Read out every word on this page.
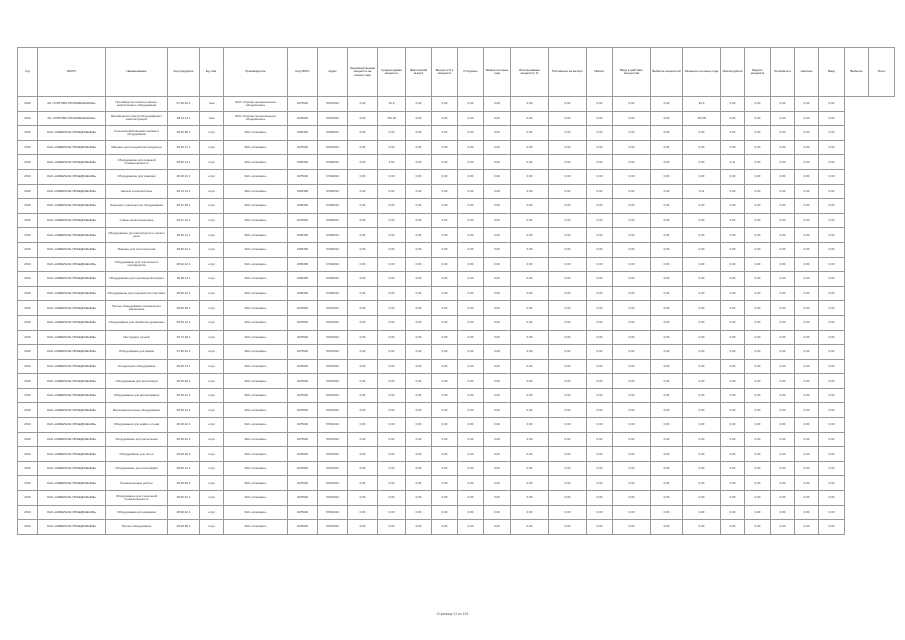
Год	ОКОГУ	Наименование	Код продукции	Ед. изм.	Производитель	Код ОКПО	Адрес	Производственная мощность на начало года	Среднегодовая мощность	Фактический выпуск	Выпуск в % к мощности	Отгружено	Запасы на конец года	Использование мощности, %	Поставлено на экспорт	Импорт	Ввод в действие мощностей	Выбытие мощностей	Мощность на конец года	Реконструкция	Прирост мощности	Потребность	Наличие	Ввод	Выбытие	Итого
2016	АО «ТОРГОВО-ПРОМЫШЛЕННОЕ»	Производство тяжелых машин, нефтегазового оборудования	07.29.02.1	тонн	ОАО «Торгово-промышленное объединение»	3475020	57001021	0,00	12,9	0,00	0,00	0,00	0,00	0,00	0,00	0,00	0,00	0,00	29,9	0,00	0,00	0,00	0,00	0,00		
2016	АО «ТОРГОВО-ПРОМЫШЛЕННОЕ»	Производство электрооборудования и комплектующих	28.91.11.1	тонн	ОАО «Торгово-промышленное объединение»	3475020	57001021	0,00	476,09	0,00	0,00	0,00	0,00	0,00	0,00	0,00	0,00	0,00	476,05	0,00	0,00	0,00	0,00	0,00		
2016	ОАО «СЕВЕРНОЕ ОБЪЕДИНЕНИЕ»	Сельскохозяйственная техника и оборудование	28.30.86.1	штук	ЗАО «Агромаш»	3465450	67300021	0,00	0,00	0,00	0,00	0,00	0,00	0,00	0,00	0,00	0,00	0,00	0,00	0,00	0,00	0,00	0,00	0,00		
2016	ОАО «СЕВЕРНОЕ ОБЪЕДИНЕНИЕ»	Машины для переработки продукции	28.93.17.1	штук	ЗАО «Агромаш»	3475020	57001021	0,00	0,00	0,00	0,00	0,00	0,00	0,00	0,00	0,00	0,00	0,00	0,00	0,00	0,00	0,00	0,00	0,00		
2016	ОАО «СЕВЕРНОЕ ОБЪЕДИНЕНИЕ»	Оборудование для пищевой промышленности	28.93.13.1	штук	ЗАО «Агромаш»	3465450	67300021	0,00	4,52	0,00	0,00	0,00	0,00	0,00	0,00	0,00	0,00	0,00	0,00	0,11	0,00	0,00	0,00	0,00		
2016	ОАО «СЕВЕРНОЕ ОБЪЕДИНЕНИЕ»	Оборудование для упаковки	28.29.21.1	штук	ЗАО «Агромаш»	3475020	67300021	0,00	0,00	0,00	0,00	0,00	0,00	0,00	0,00	0,00	0,00	0,00	0,00	0,00	0,00	0,00	0,00	0,00		
2016	ОАО «СЕВЕРНОЕ ОБЪЕДИНЕНИЕ»	Насосы и компрессоры	28.13.14.1	штук	ЗАО «Агромаш»	3465450	67300021	0,00	0,00	0,00	0,00	0,00	0,00	0,00	0,00	0,00	0,00	0,00	0,11	0,00	0,00	0,00	0,00	0,00		
2016	ОАО «СЕВЕРНОЕ ОБЪЕДИНЕНИЕ»	Подъемно-транспортное оборудование	28.22.18.1	штук	ЗАО «Агромаш»	3465450	67300021	0,00	0,00	0,00	0,00	0,00	0,00	0,00	0,00	0,00	0,00	0,00	0,00	0,00	0,00	0,00	0,00	0,00		
2016	ОАО «СЕВЕРНОЕ ОБЪЕДИНЕНИЕ»	Станки металлорежущие	28.41.22.1	штук	ЗАО «Агромаш»	3475020	67300021	0,00	0,00	0,00	0,00	0,00	0,00	0,00	0,00	0,00	0,00	0,00	0,00	0,00	0,00	0,00	0,00	0,00		
2016	ОАО «СЕВЕРНОЕ ОБЪЕДИНЕНИЕ»	Оборудование для металлургии и горного дела	28.92.11.1	штук	ЗАО «Агромаш»	3465450	67300021	0,00	0,00	0,00	0,00	0,00	0,00	0,00	0,00	0,00	0,00	0,00	0,00	0,00	0,00	0,00	0,00	0,00		
2016	ОАО «СЕВЕРНОЕ ОБЪЕДИНЕНИЕ»	Машины для строительства	28.92.21.1	штук	ЗАО «Агромаш»	3465450	67300021	0,00	0,00	0,00	0,00	0,00	0,00	0,00	0,00	0,00	0,00	0,00	0,00	0,00	0,00	0,00	0,00	0,00		
2016	ОАО «СЕВЕРНОЕ ОБЪЕДИНЕНИЕ»	Оборудование для текстильного производства	28.94.12.1	штук	ЗАО «Агромаш»	3465450	67300021	0,00	0,00	0,00	0,00	0,00	0,00	0,00	0,00	0,00	0,00	0,00	0,00	0,00	0,00	0,00	0,00	0,00		
2016	ОАО «СЕВЕРНОЕ ОБЪЕДИНЕНИЕ»	Оборудование для производства бумаги	28.95.11.1	штук	ЗАО «Агромаш»	3465450	67300021	0,00	0,00	0,00	0,00	0,00	0,00	0,00	0,00	0,00	0,00	0,00	0,00	0,00	0,00	0,00	0,00	0,00		
2016	ОАО «СЕВЕРНОЕ ОБЪЕДИНЕНИЕ»	Оборудование для переработки пластмасс	28.96.10.1	штук	ЗАО «Агромаш»	3465450	67300021	0,00	0,00	0,00	0,00	0,00	0,00	0,00	0,00	0,00	0,00	0,00	0,00	0,00	0,00	0,00	0,00	0,00		
2016	ОАО «СЕВЕРНОЕ ОБЪЕДИНЕНИЕ»	Прочее оборудование специального назначения	28.99.39.1	штук	ЗАО «Агромаш»	3475020	57001021	0,00	0,00	0,00	0,00	0,00	0,00	0,00	0,00	0,00	0,00	0,00	0,00	0,00	0,00	0,00	0,00	0,00		
2016	ОАО «СЕВЕРНОЕ ОБЪЕДИНЕНИЕ»	Оборудование для обработки древесины	28.49.12.1	штук	ЗАО «Агромаш»	3475020	57001021	0,00	0,00	0,00	0,00	0,00	0,00	0,00	0,00	0,00	0,00	0,00	0,00	0,00	0,00	0,00	0,00	0,00		
2016	ОАО «СЕВЕРНОЕ ОБЪЕДИНЕНИЕ»	Инструмент ручной	25.73.30.1	штук	ЗАО «Агромаш»	3475020	57001021	0,00	0,00	0,00	0,00	0,00	0,00	0,00	0,00	0,00	0,00	0,00	0,00	0,00	0,00	0,00	0,00	0,00		
2016	ОАО «СЕВЕРНОЕ ОБЪЕДИНЕНИЕ»	Оборудование для сварки	27.90.31.1	штук	ЗАО «Агромаш»	3475020	57001021	0,00	0,00	0,00	0,00	0,00	0,00	0,00	0,00	0,00	0,00	0,00	0,00	0,00	0,00	0,00	0,00	0,00		
2016	ОАО «СЕВЕРНОЕ ОБЪЕДИНЕНИЕ»	Холодильное оборудование	28.25.13.1	штук	ЗАО «Агромаш»	3475020	57001021	0,00	0,00	0,00	0,00	0,00	0,00	0,00	0,00	0,00	0,00	0,00	0,00	0,00	0,00	0,00	0,00	0,00		
2016	ОАО «СЕВЕРНОЕ ОБЪЕДИНЕНИЕ»	Оборудование для вентиляции	28.25.20.1	штук	ЗАО «Агромаш»	3475020	57001021	0,00	0,00	0,00	0,00	0,00	0,00	0,00	0,00	0,00	0,00	0,00	0,00	0,00	0,00	0,00	0,00	0,00		
2016	ОАО «СЕВЕРНОЕ ОБЪЕДИНЕНИЕ»	Оборудование для фильтрования	28.29.12.1	штук	ЗАО «Агромаш»	3475020	57001021	0,00	0,00	0,00	0,00	0,00	0,00	0,00	0,00	0,00	0,00	0,00	0,00	0,00	0,00	0,00	0,00	0,00		
2016	ОАО «СЕВЕРНОЕ ОБЪЕДИНЕНИЕ»	Весоизмерительное оборудование	28.29.31.1	штук	ЗАО «Агромаш»	3475020	57001021	0,00	0,00	0,00	0,00	0,00	0,00	0,00	0,00	0,00	0,00	0,00	0,00	0,00	0,00	0,00	0,00	0,00		
2016	ОАО «СЕВЕРНОЕ ОБЪЕДИНЕНИЕ»	Оборудование для мойки и сушки	28.29.22.1	штук	ЗАО «Агромаш»	3475020	57001021	0,00	0,00	0,00	0,00	0,00	0,00	0,00	0,00	0,00	0,00	0,00	0,00	0,00	0,00	0,00	0,00	0,00		
2016	ОАО «СЕВЕРНОЕ ОБЪЕДИНЕНИЕ»	Оборудование для распыления	28.29.22.2	штук	ЗАО «Агромаш»	3475020	57001021	0,00	0,00	0,00	0,00	0,00	0,00	0,00	0,00	0,00	0,00	0,00	0,00	0,00	0,00	0,00	0,00	0,00		
2016	ОАО «СЕВЕРНОЕ ОБЪЕДИНЕНИЕ»	Оборудование для литья	28.99.20.1	штук	ЗАО «Агромаш»	3475020	57001021	0,00	0,00	0,00	0,00	0,00	0,00	0,00	0,00	0,00	0,00	0,00	0,00	0,00	0,00	0,00	0,00	0,00		
2016	ОАО «СЕВЕРНОЕ ОБЪЕДИНЕНИЕ»	Оборудование для полиграфии	28.99.12.1	штук	ЗАО «Агромаш»	3475020	57001021	0,00	0,00	0,00	0,00	0,00	0,00	0,00	0,00	0,00	0,00	0,00	0,00	0,00	0,00	0,00	0,00	0,00		
2016	ОАО «СЕВЕРНОЕ ОБЪЕДИНЕНИЕ»	Промышленные роботы	28.99.39.2	штук	ЗАО «Агромаш»	3475020	57001021	0,00	0,00	0,00	0,00	0,00	0,00	0,00	0,00	0,00	0,00	0,00	0,00	0,00	0,00	0,00	0,00	0,00		
2016	ОАО «СЕВЕРНОЕ ОБЪЕДИНЕНИЕ»	Оборудование для стекольной промышленности	28.99.31.1	штук	ЗАО «Агромаш»	3475020	57001021	0,00	0,00	0,00	0,00	0,00	0,00	0,00	0,00	0,00	0,00	0,00	0,00	0,00	0,00	0,00	0,00	0,00		
2016	ОАО «СЕВЕРНОЕ ОБЪЕДИНЕНИЕ»	Оборудование для керамики	28.99.32.1	штук	ЗАО «Агромаш»	3475020	57001021	0,00	0,00	0,00	0,00	0,00	0,00	0,00	0,00	0,00	0,00	0,00	0,00	0,00	0,00	0,00	0,00	0,00		
2016	ОАО «СЕВЕРНОЕ ОБЪЕДИНЕНИЕ»	Прочее оборудование	28.99.99.1	штук	ЗАО «Агромаш»	3475020	57001021	0,00	0,00	0,00	0,00	0,00	0,00	0,00	0,00	0,00	0,00	0,00	0,00	0,00	0,00	0,00	0,00	0,00		
Страница 11 из 124
